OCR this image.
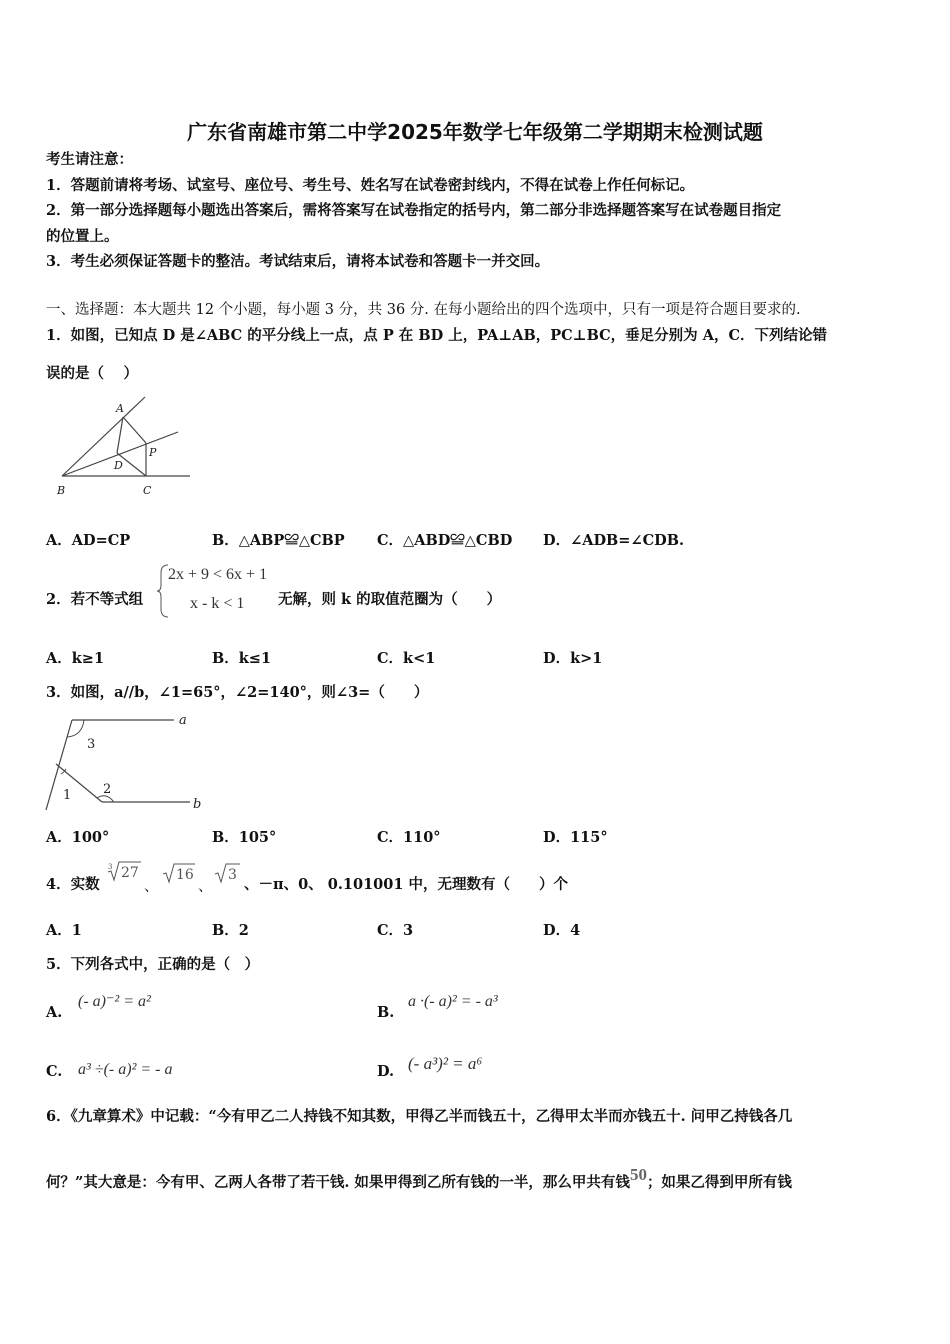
广东省南雄市第二中学2025年数学七年级第二学期期末检测试题
考生请注意：
1．答题前请将考场、试室号、座位号、考生号、姓名写在试卷密封线内，不得在试卷上作任何标记。
2．第一部分选择题每小题选出答案后，需将答案写在试卷指定的括号内，第二部分非选择题答案写在试卷题目指定
的位置上。
3．考生必须保证答题卡的整洁。考试结束后，请将本试卷和答题卡一并交回。
一、选择题：本大题共 12 个小题，每小题 3 分，共 36 分. 在每小题给出的四个选项中，只有一项是符合题目要求的.
1．如图，已知点 D 是∠ABC 的平分线上一点，点 P 在 BD 上，PA⊥AB，PC⊥BC，垂足分别为 A，C．下列结论错
误的是（　 ）
A
B	C
D
P
A．AD=CP	B．△ABP≌△CBP C．△ABD≌△CBD D．∠ADB=∠CDB.
2．若不等式组
2x + 9 < 6x + 1
x - k < 1 无解，则 k 的取值范圈为（　　）
A．k≥1	B．k≤1	C．k<1	D．k>1
3．如图，a//b，∠1=65°，∠2=140°，则∠3=（　　）
3
1 2
a
b
A．100°	B．105°	C．110°	D．115°
4．实数
3 27
、
16
、
3
、－π、0、 0.101001 中，无理数有（　　）个
A．1	B．2	C．3	D．4
5．下列各式中，正确的是（　）
A.
(- a)⁻² = a²
B.
a ·(- a)² = - a³
C. a³ ÷(- a)² = - a	D. (- a³)² = a⁶
6．《九章算术》中记载：“今有甲乙二人持钱不知其数，甲得乙半而钱五十，乙得甲太半而亦钱五十. 问甲乙持钱各几
何？”其大意是：今有甲、乙两人各带了若干钱. 如果甲得到乙所有钱的一半，那么甲共有钱50；如果乙得到甲所有钱
